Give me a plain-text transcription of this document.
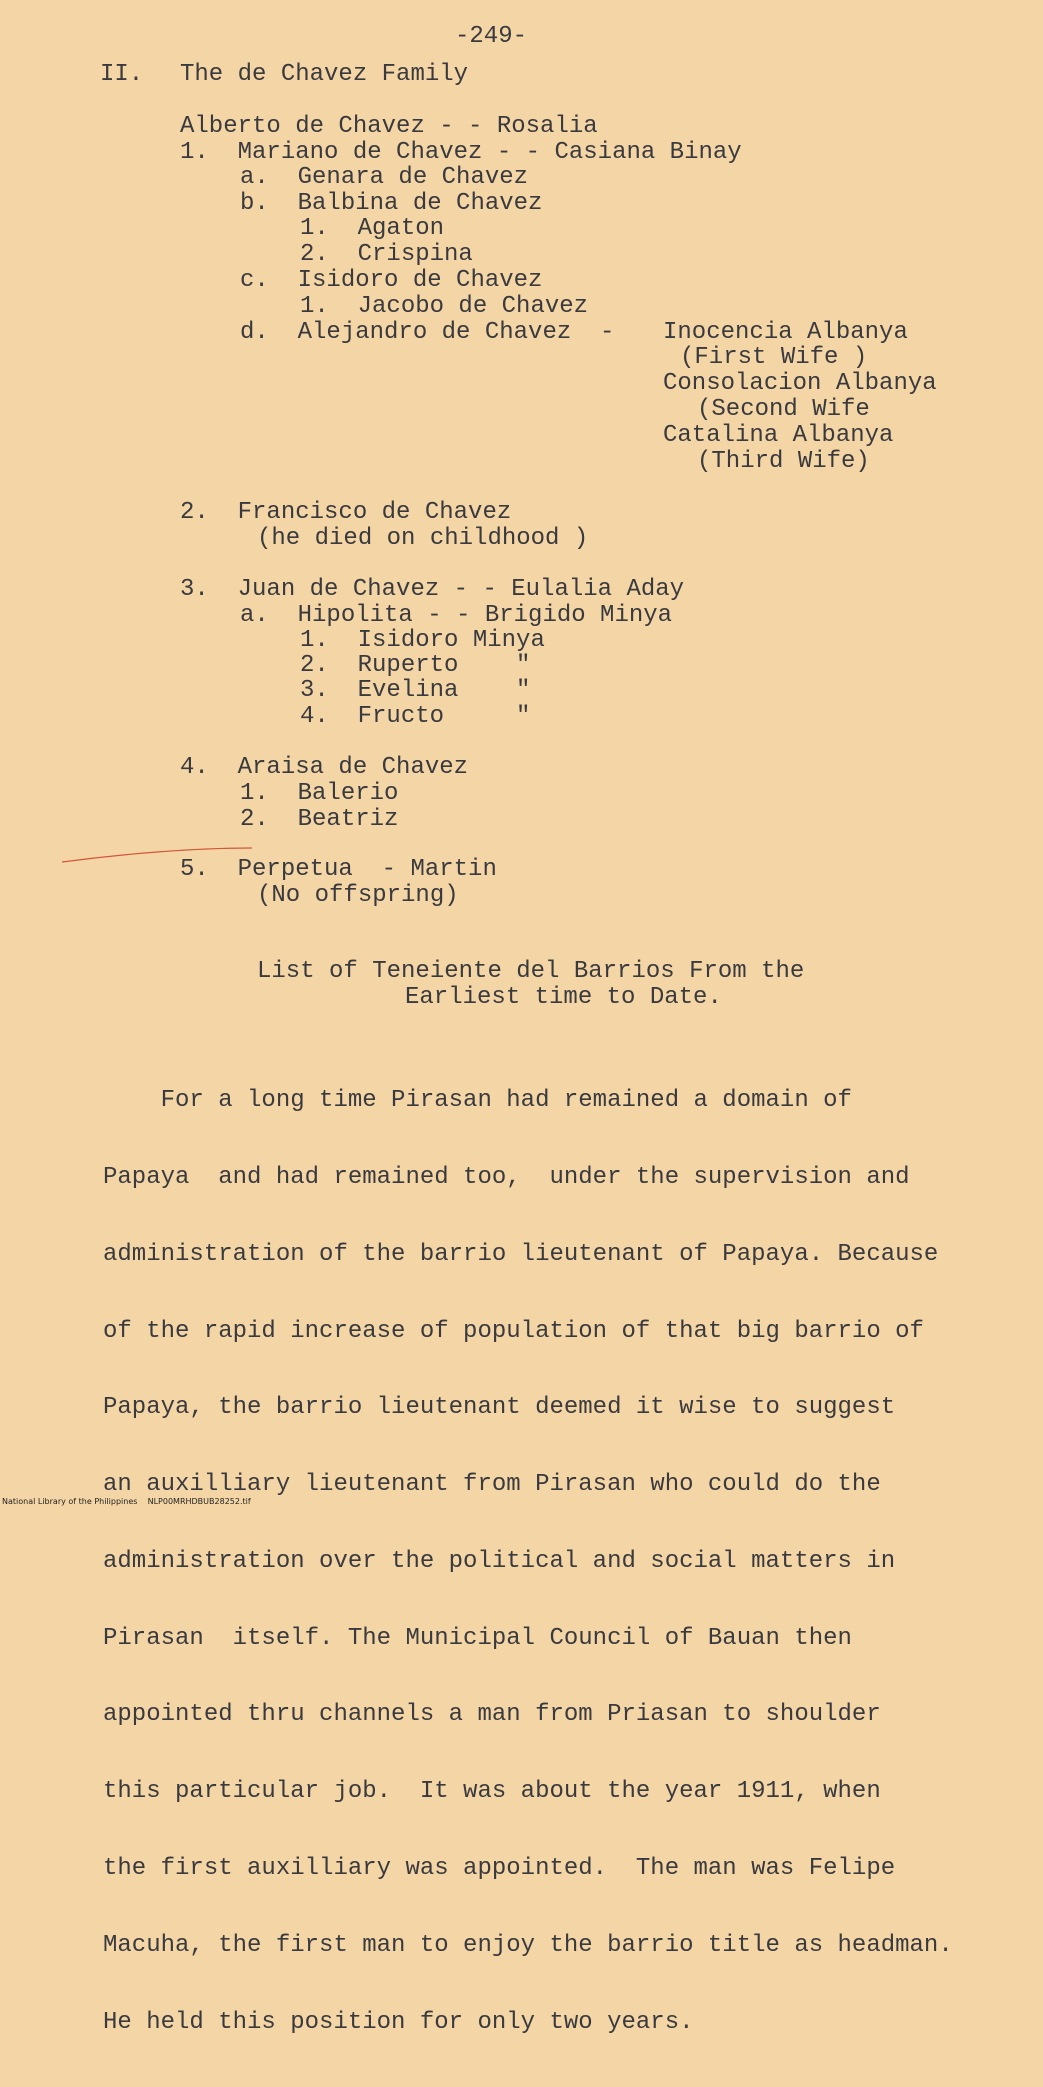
-249-
II. The de Chavez Family
Alberto de Chavez - - Rosalia
1.  Mariano de Chavez - - Casiana Binay
a.  Genara de Chavez
b.  Balbina de Chavez
1.  Agaton
2.  Crispina
c.  Isidoro de Chavez
1.  Jacobo de Chavez
d.  Alejandro de Chavez  - Inocencia Albanya
(First Wife )
Consolacion Albanya
(Second Wife
Catalina Albanya
(Third Wife)
2.  Francisco de Chavez
(he died on childhood )
3.  Juan de Chavez - - Eulalia Aday
a.  Hipolita - - Brigido Minya
1.  Isidoro Minya
2.  Ruperto    "
3.  Evelina    "
4.  Fructo     "
4.  Araisa de Chavez
1.  Balerio
2.  Beatriz
5.  Perpetua  - Martin
(No offspring)
List of Teneiente del Barrios From the
Earliest time to Date.

For a long time Pirasan had remained a domain of

Papaya  and had remained too,  under the supervision and

administration of the barrio lieutenant of Papaya. Because

of the rapid increase of population of that big barrio of

Papaya, the barrio lieutenant deemed it wise to suggest

an auxilliary lieutenant from Pirasan who could do the

administration over the political and social matters in

Pirasan  itself. The Municipal Council of Bauan then

appointed thru channels a man from Priasan to shoulder

this particular job.  It was about the year 1911, when

the first auxilliary was appointed.  The man was Felipe

Macuha, the first man to enjoy the barrio title as headman.

He held this position for only two years.

National Library of the Philippines    NLP00MRHDBUB28252.tif
